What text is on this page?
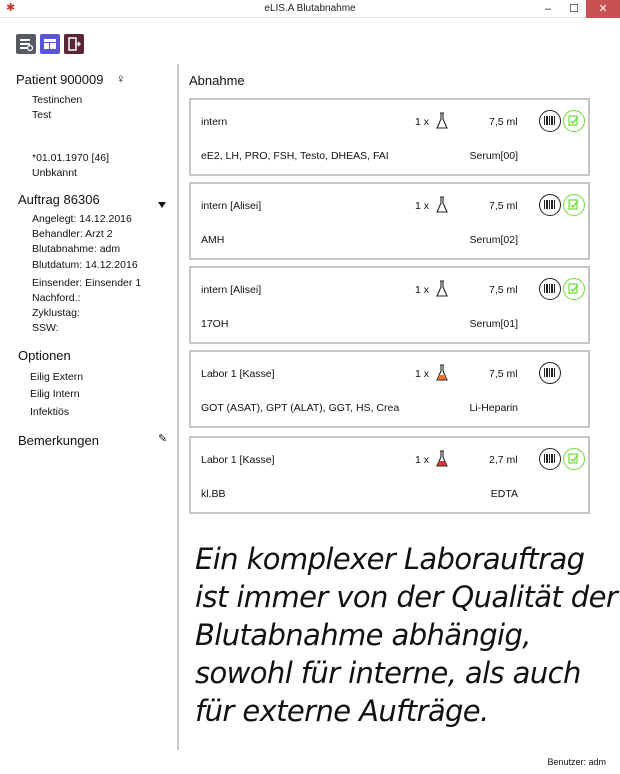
✱	eLIS.A Blutabnahme	–	☐	✕
Patient 900009 ♀
Testinchen
Test
*01.01.1970 [46]
Unbkannt
Auftrag 86306
Angelegt: 14.12.2016
Behandler: Arzt 2
Blutabnahme: adm
Blutdatum: 14.12.2016
Einsender: Einsender 1
Nachford.:
Zyklustag:
SSW:
Optionen
Eilig Extern
Eilig Intern
Infektiös
Bemerkungen	✎
Abnahme
intern	1 x	7,5 ml
eE2, LH, PRO, FSH, Testo, DHEAS, FAI	Serum[00]
intern [Alisei]	1 x	7,5 ml
AMH	Serum[02]
intern [Alisei]	1 x	7,5 ml
17OH	Serum[01]
Labor 1 [Kasse]	1 x	7,5 ml
GOT (ASAT), GPT (ALAT), GGT, HS, Crea	Li-Heparin
Labor 1 [Kasse]	1 x	2,7 ml
kl.BB	EDTA
Ein komplexer Laborauftrag
ist immer von der Qualität der
Blutabnahme abhängig,
sowohl für interne, als auch
für externe Aufträge.
Benutzer: adm
